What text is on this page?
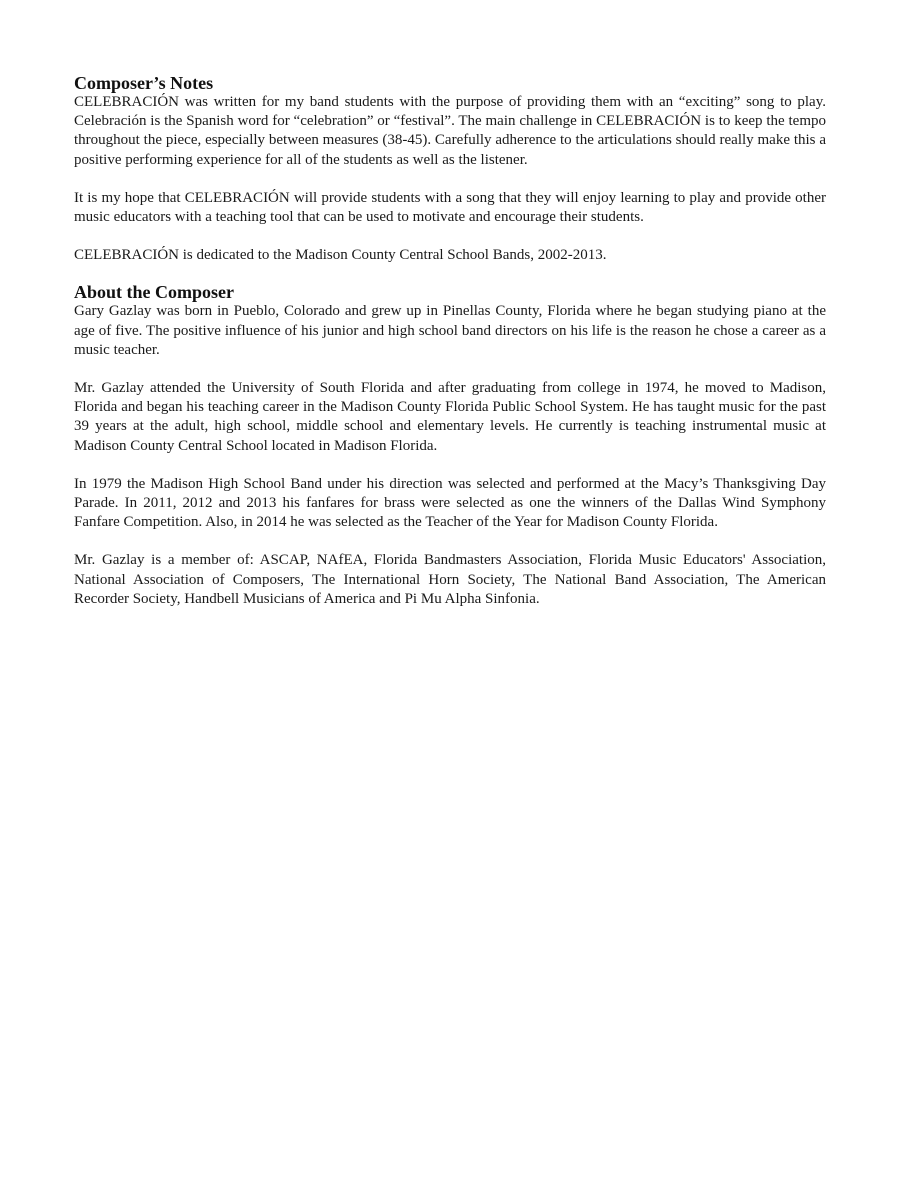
Composer’s Notes

CELEBRACIÓN was written for my band students with the purpose of providing them with an “exciting” song to play. Celebración is the Spanish word for “celebration” or “festival”. The main challenge in CELEBRACIÓN is to keep the tempo throughout the piece, especially between measures (38-45). Carefully adherence to the articulations should really make this a positive performing experience for all of the students as well as the listener.

It is my hope that CELEBRACIÓN will provide students with a song that they will enjoy learning to play and provide other music educators with a teaching tool that can be used to motivate and encourage their students.

CELEBRACIÓN is dedicated to the Madison County Central School Bands, 2002-2013.

About the Composer

Gary Gazlay was born in Pueblo, Colorado and grew up in Pinellas County, Florida where he began studying piano at the age of five. The positive influence of his junior and high school band directors on his life is the reason he chose a career as a music teacher.

Mr. Gazlay attended the University of South Florida and after graduating from college in 1974, he moved to Madison, Florida and began his teaching career in the Madison County Florida Public School System. He has taught music for the past 39 years at the adult, high school, middle school and elementary levels. He currently is teaching instrumental music at Madison County Central School located in Madison Florida.

In 1979 the Madison High School Band under his direction was selected and performed at the Macy’s Thanksgiving Day Parade. In 2011, 2012 and 2013 his fanfares for brass were selected as one the winners of the Dallas Wind Symphony Fanfare Competition. Also, in 2014 he was selected as the Teacher of the Year for Madison County Florida.

Mr. Gazlay is a member of: ASCAP, NAfEA, Florida Bandmasters Association, Florida Music Educators' Association, National Association of Composers, The International Horn Society, The National Band Association, The American Recorder Society, Handbell Musicians of America and Pi Mu Alpha Sinfonia.
